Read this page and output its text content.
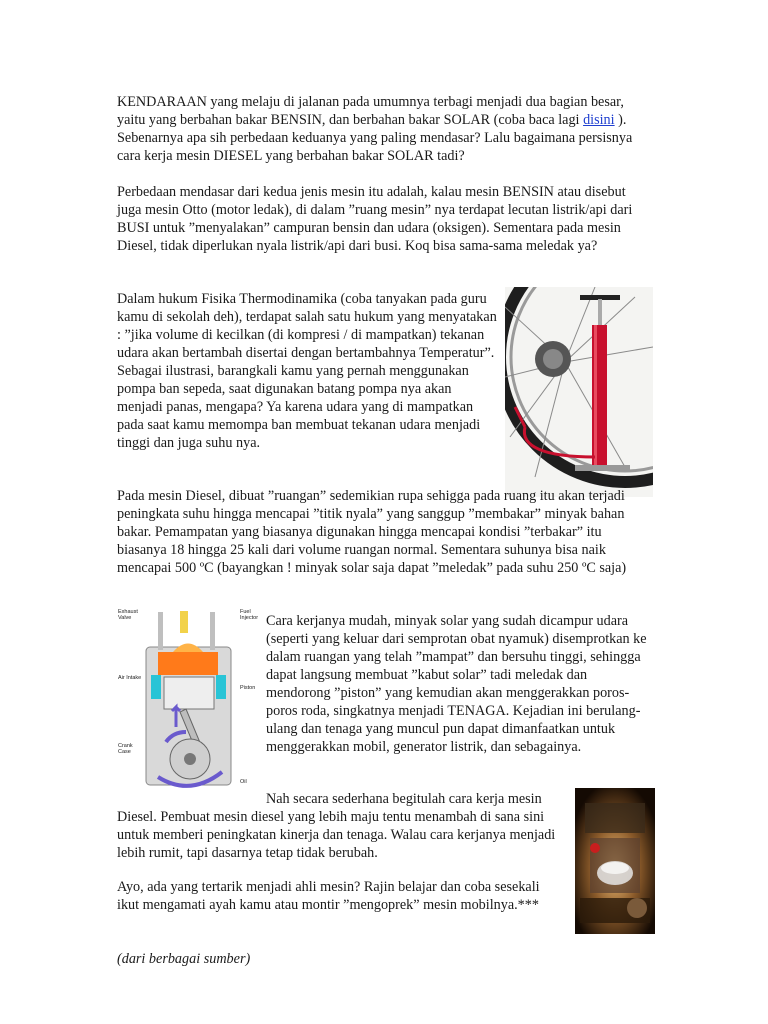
KENDARAAN yang melaju di jalanan pada umumnya terbagi menjadi dua bagian besar, yaitu yang berbahan bakar BENSIN, dan berbahan bakar SOLAR (coba baca lagi disini ). Sebenarnya apa sih perbedaan keduanya yang paling mendasar? Lalu bagaimana persisnya cara kerja mesin DIESEL yang berbahan bakar SOLAR tadi?

Perbedaan mendasar dari kedua jenis mesin itu adalah, kalau mesin BENSIN atau disebut juga mesin Otto (motor ledak), di dalam ”ruang mesin” nya terdapat lecutan listrik/api dari BUSI untuk ”menyalakan” campuran bensin dan udara (oksigen). Sementara pada mesin Diesel, tidak diperlukan nyala listrik/api dari busi. Koq bisa sama-sama meledak ya?

Dalam hukum Fisika Thermodinamika (coba tanyakan pada guru kamu di sekolah deh), terdapat salah satu hukum yang menyatakan : ”jika volume di kecilkan (di kompresi / di mampatkan) tekanan udara akan bertambah disertai dengan bertambahnya Temperatur”. Sebagai ilustrasi, barangkali kamu yang pernah menggunakan pompa ban sepeda, saat digunakan batang pompa nya akan menjadi panas, mengapa? Ya karena udara yang di mampatkan pada saat kamu memompa ban membuat tekanan udara menjadi tinggi dan juga suhu nya.

Pada mesin Diesel, dibuat ”ruangan” sedemikian rupa sehigga pada ruang itu akan terjadi peningkata suhu hingga mencapai ”titik nyala” yang sanggup ”membakar” minyak bahan bakar. Pemampatan yang biasanya digunakan hingga mencapai kondisi ”terbakar” itu biasanya 18 hingga 25 kali dari volume ruangan normal. Sementara suhunya bisa naik mencapai 500 ºC (bayangkan ! minyak solar saja dapat ”meledak” pada suhu 250 ºC saja)

Exhaust Valve
Fuel Injector
Air Intake
Piston
Crank Case
Oil

Cara kerjanya mudah, minyak solar yang sudah dicampur udara (seperti yang keluar dari semprotan obat nyamuk) disemprotkan ke dalam ruangan yang telah ”mampat” dan bersuhu tinggi, sehingga dapat langsung membuat ”kabut solar” tadi meledak dan mendorong ”piston” yang kemudian akan menggerakkan poros-poros roda, singkatnya menjadi TENAGA. Kejadian ini berulang-ulang dan tenaga yang muncul pun dapat dimanfaatkan untuk menggerakkan mobil, generator listrik, dan sebagainya.

Nah secara sederhana begitulah cara kerja mesin Diesel. Pembuat mesin diesel yang lebih maju tentu menambah di sana sini untuk memberi peningkatan kinerja dan tenaga. Walau cara kerjanya menjadi lebih rumit, tapi dasarnya tetap tidak berubah.

Ayo, ada yang tertarik menjadi ahli mesin? Rajin belajar dan coba sesekali ikut mengamati ayah kamu atau montir ”mengoprek” mesin mobilnya.***

(dari berbagai sumber)
